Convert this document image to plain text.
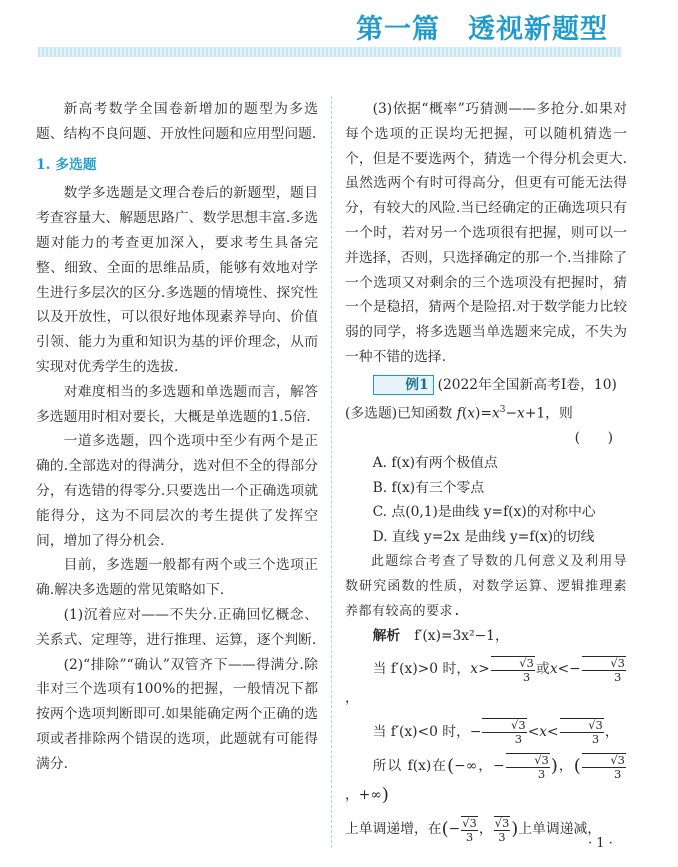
第一篇 透视新题型

新高考数学全国卷新增加的题型为多选题、结构不良问题、开放性问题和应用型问题.

1. 多选题

数学多选题是文理合卷后的新题型，题目考查容量大、解题思路广、数学思想丰富.多选题对能力的考查更加深入，要求考生具备完整、细致、全面的思维品质，能够有效地对学生进行多层次的区分.多选题的情境性、探究性以及开放性，可以很好地体现素养导向、价值引领、能力为重和知识为基的评价理念，从而实现对优秀学生的选拔.

对难度相当的多选题和单选题而言，解答多选题用时相对要长，大概是单选题的1.5倍.

一道多选题，四个选项中至少有两个是正确的.全部选对的得满分，选对但不全的得部分分，有选错的得零分.只要选出一个正确选项就能得分，这为不同层次的考生提供了发挥空间，增加了得分机会.

目前，多选题一般都有两个或三个选项正确.解决多选题的常见策略如下.

(1)沉着应对——不失分.正确回忆概念、关系式、定理等，进行推理、运算，逐个判断.

(2)“排除”“确认”双管齐下——得满分.除非对三个选项有100%的把握，一般情况下都按两个选项判断即可.如果能确定两个正确的选项或者排除两个错误的选项，此题就有可能得满分.

(3)依据“概率”巧猜测——多抢分.如果对每个选项的正误均无把握，可以随机猜选一个，但是不要选两个，猜选一个得分机会更大.虽然选两个有时可得高分，但更有可能无法得分，有较大的风险.当已经确定的正确选项只有一个时，若对另一个选项很有把握，则可以一并选择，否则，只选择确定的那一个.当排除了一个选项又对剩余的三个选项没有把握时，猜一个是稳招，猜两个是险招.对于数学能力比较弱的同学，将多选题当单选题来完成，不失为一种不错的选择.

例1 (2022年全国新高考Ⅰ卷，10)

(多选题)已知函数 $f(x)=x^3-x+1$，则

(　　)

A. f(x)有两个极值点

B. f(x)有三个零点

C. 点(0,1)是曲线 y=f(x)的对称中心

D. 直线 y=2x 是曲线 y=f(x)的切线

此题综合考查了导数的几何意义及利用导数研究函数的性质，对数学运算、逻辑推理素养都有较高的要求.

解析 f′(x)=3x²−1，

当 f′(x)>0 时，$x> \frac{√3}{3}$ 或$x<- \frac{√3}{3}$
，

当 f′(x)<0 时，− $\frac{√3}{3} <x< \frac{√3}{3}$ ，

所以 f(x)在(−∞，− $\frac{√3}{3}$ )，( $\frac{√3}{3}$
，+∞)

上单调递增，在(− $\frac{√3}{3}$ ， $\frac{√3}{3}$ )上单调递减，

· 1 ·
